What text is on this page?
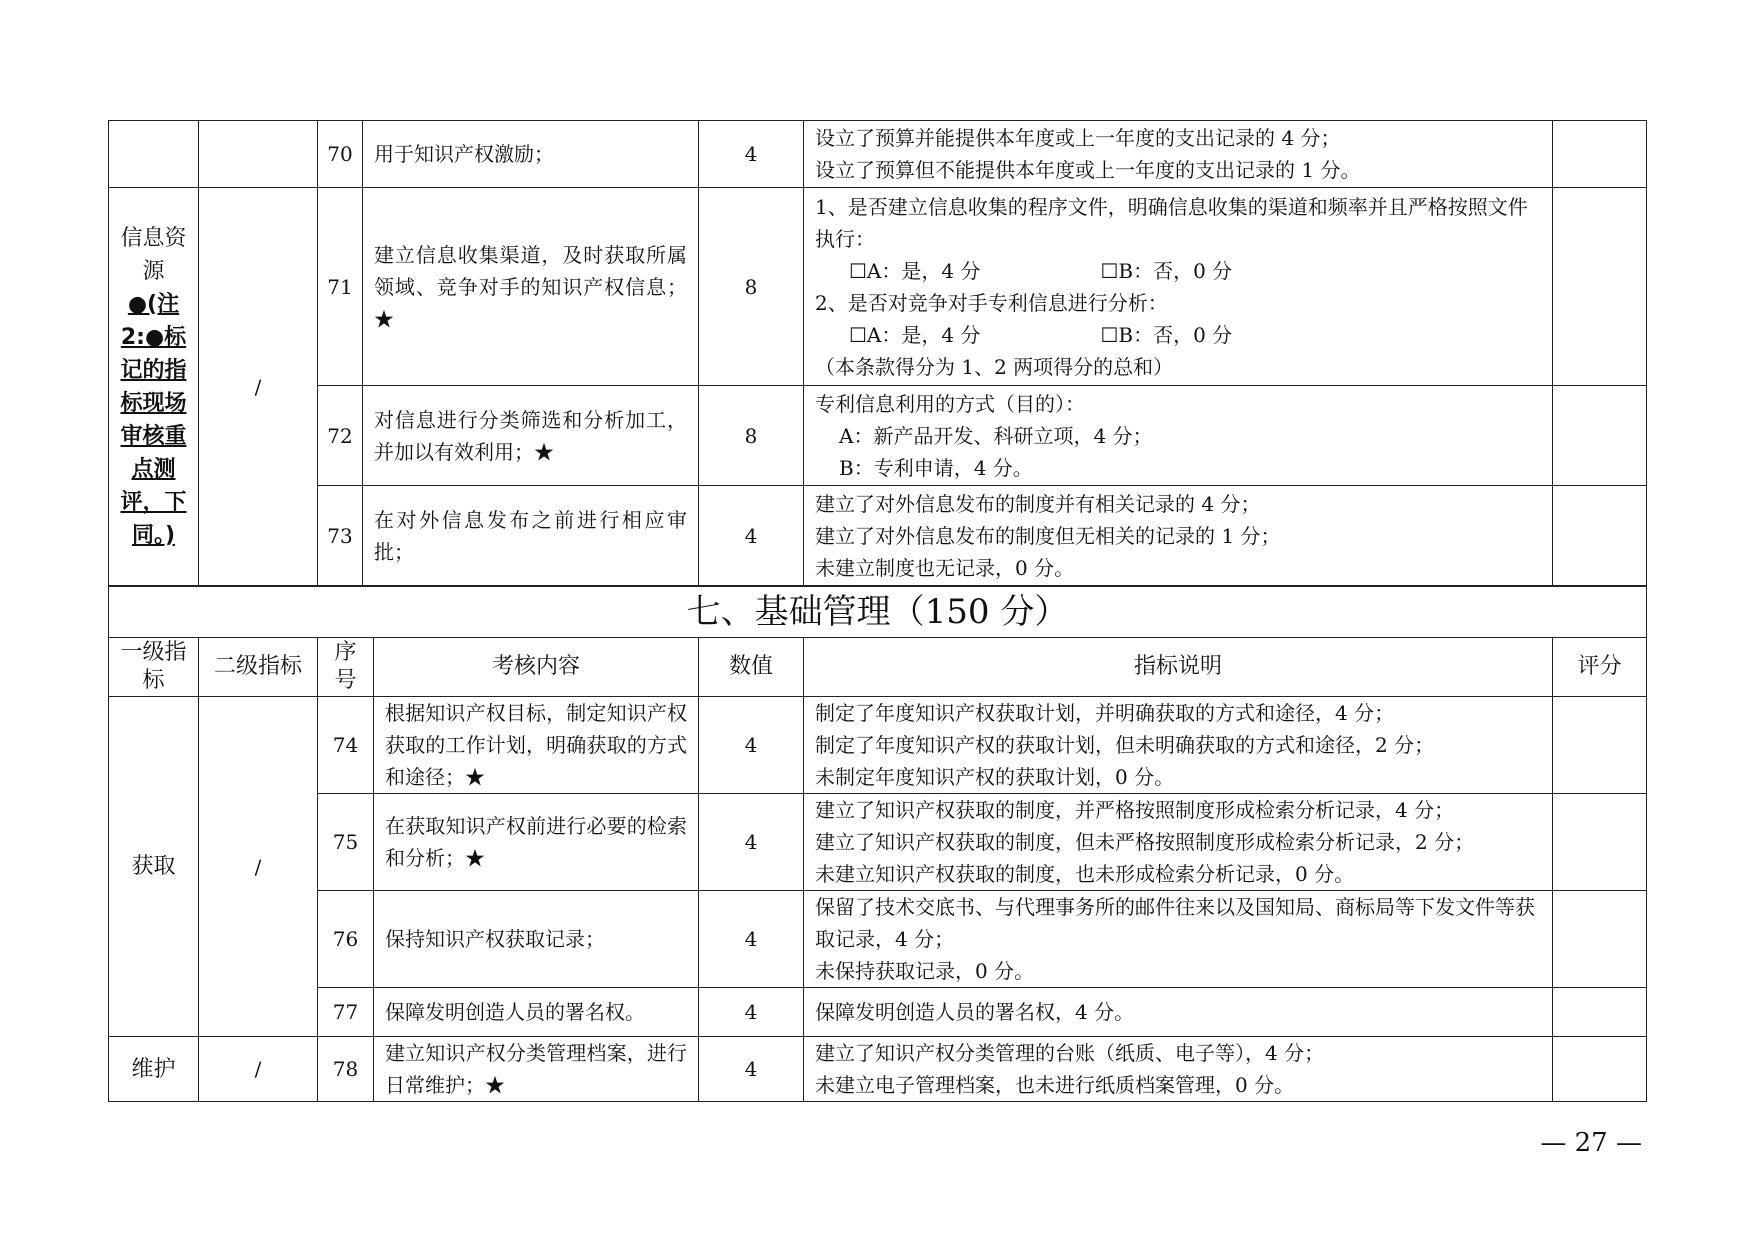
		70	用于知识产权激励；	4	设立了预算并能提供本年度或上一年度的支出记录的 4 分；
设立了预算但不能提供本年度或上一年度的支出记录的 1 分。	

信息资源●(注2:●标记的指标现场审核重点测评，下同。)	/	71	建立信息收集渠道，及时获取所属领域、竞争对手的知识产权信息；★	8	1、是否建立信息收集的程序文件，明确信息收集的渠道和频率并且严格按照文件执行：
☐A：是，4 分 ☐B：否，0 分
2、是否对竞争对手专利信息进行分析：
☐A：是，4 分 ☐B：否，0 分
（本条款得分为 1、2 两项得分的总和）	

		72	对信息进行分类筛选和分析加工，并加以有效利用；★	8	专利信息利用的方式（目的）：
A：新产品开发、科研立项，4 分；
B：专利申请，4 分。	

		73	在对外信息发布之前进行相应审批；	4	建立了对外信息发布的制度并有相关记录的 4 分；
建立了对外信息发布的制度但无相关的记录的 1 分；
未建立制度也无记录，0 分。	

七、基础管理（150 分）						
一级指标	二级指标	序号	考核内容	数值	指标说明	评分
获取	/	74	根据知识产权目标，制定知识产权获取的工作计划，明确获取的方式和途径；★	4	制定了年度知识产权获取计划，并明确获取的方式和途径，4 分；
制定了年度知识产权的获取计划，但未明确获取的方式和途径，2 分；
未制定年度知识产权的获取计划，0 分。	

		75	在获取知识产权前进行必要的检索和分析；★	4	建立了知识产权获取的制度，并严格按照制度形成检索分析记录，4 分；
建立了知识产权获取的制度，但未严格按照制度形成检索分析记录，2 分；
未建立知识产权获取的制度，也未形成检索分析记录，0 分。	

		76	保持知识产权获取记录；	4	保留了技术交底书、与代理事务所的邮件往来以及国知局、商标局等下发文件等获取记录，4 分；
未保持获取记录，0 分。	

		77	保障发明创造人员的署名权。	4	保障发明创造人员的署名权，4 分。	
维护	/	78	建立知识产权分类管理档案，进行日常维护；★	4	建立了知识产权分类管理的台账（纸质、电子等），4 分；
未建立电子管理档案，也未进行纸质档案管理，0 分。	

— 27 —
